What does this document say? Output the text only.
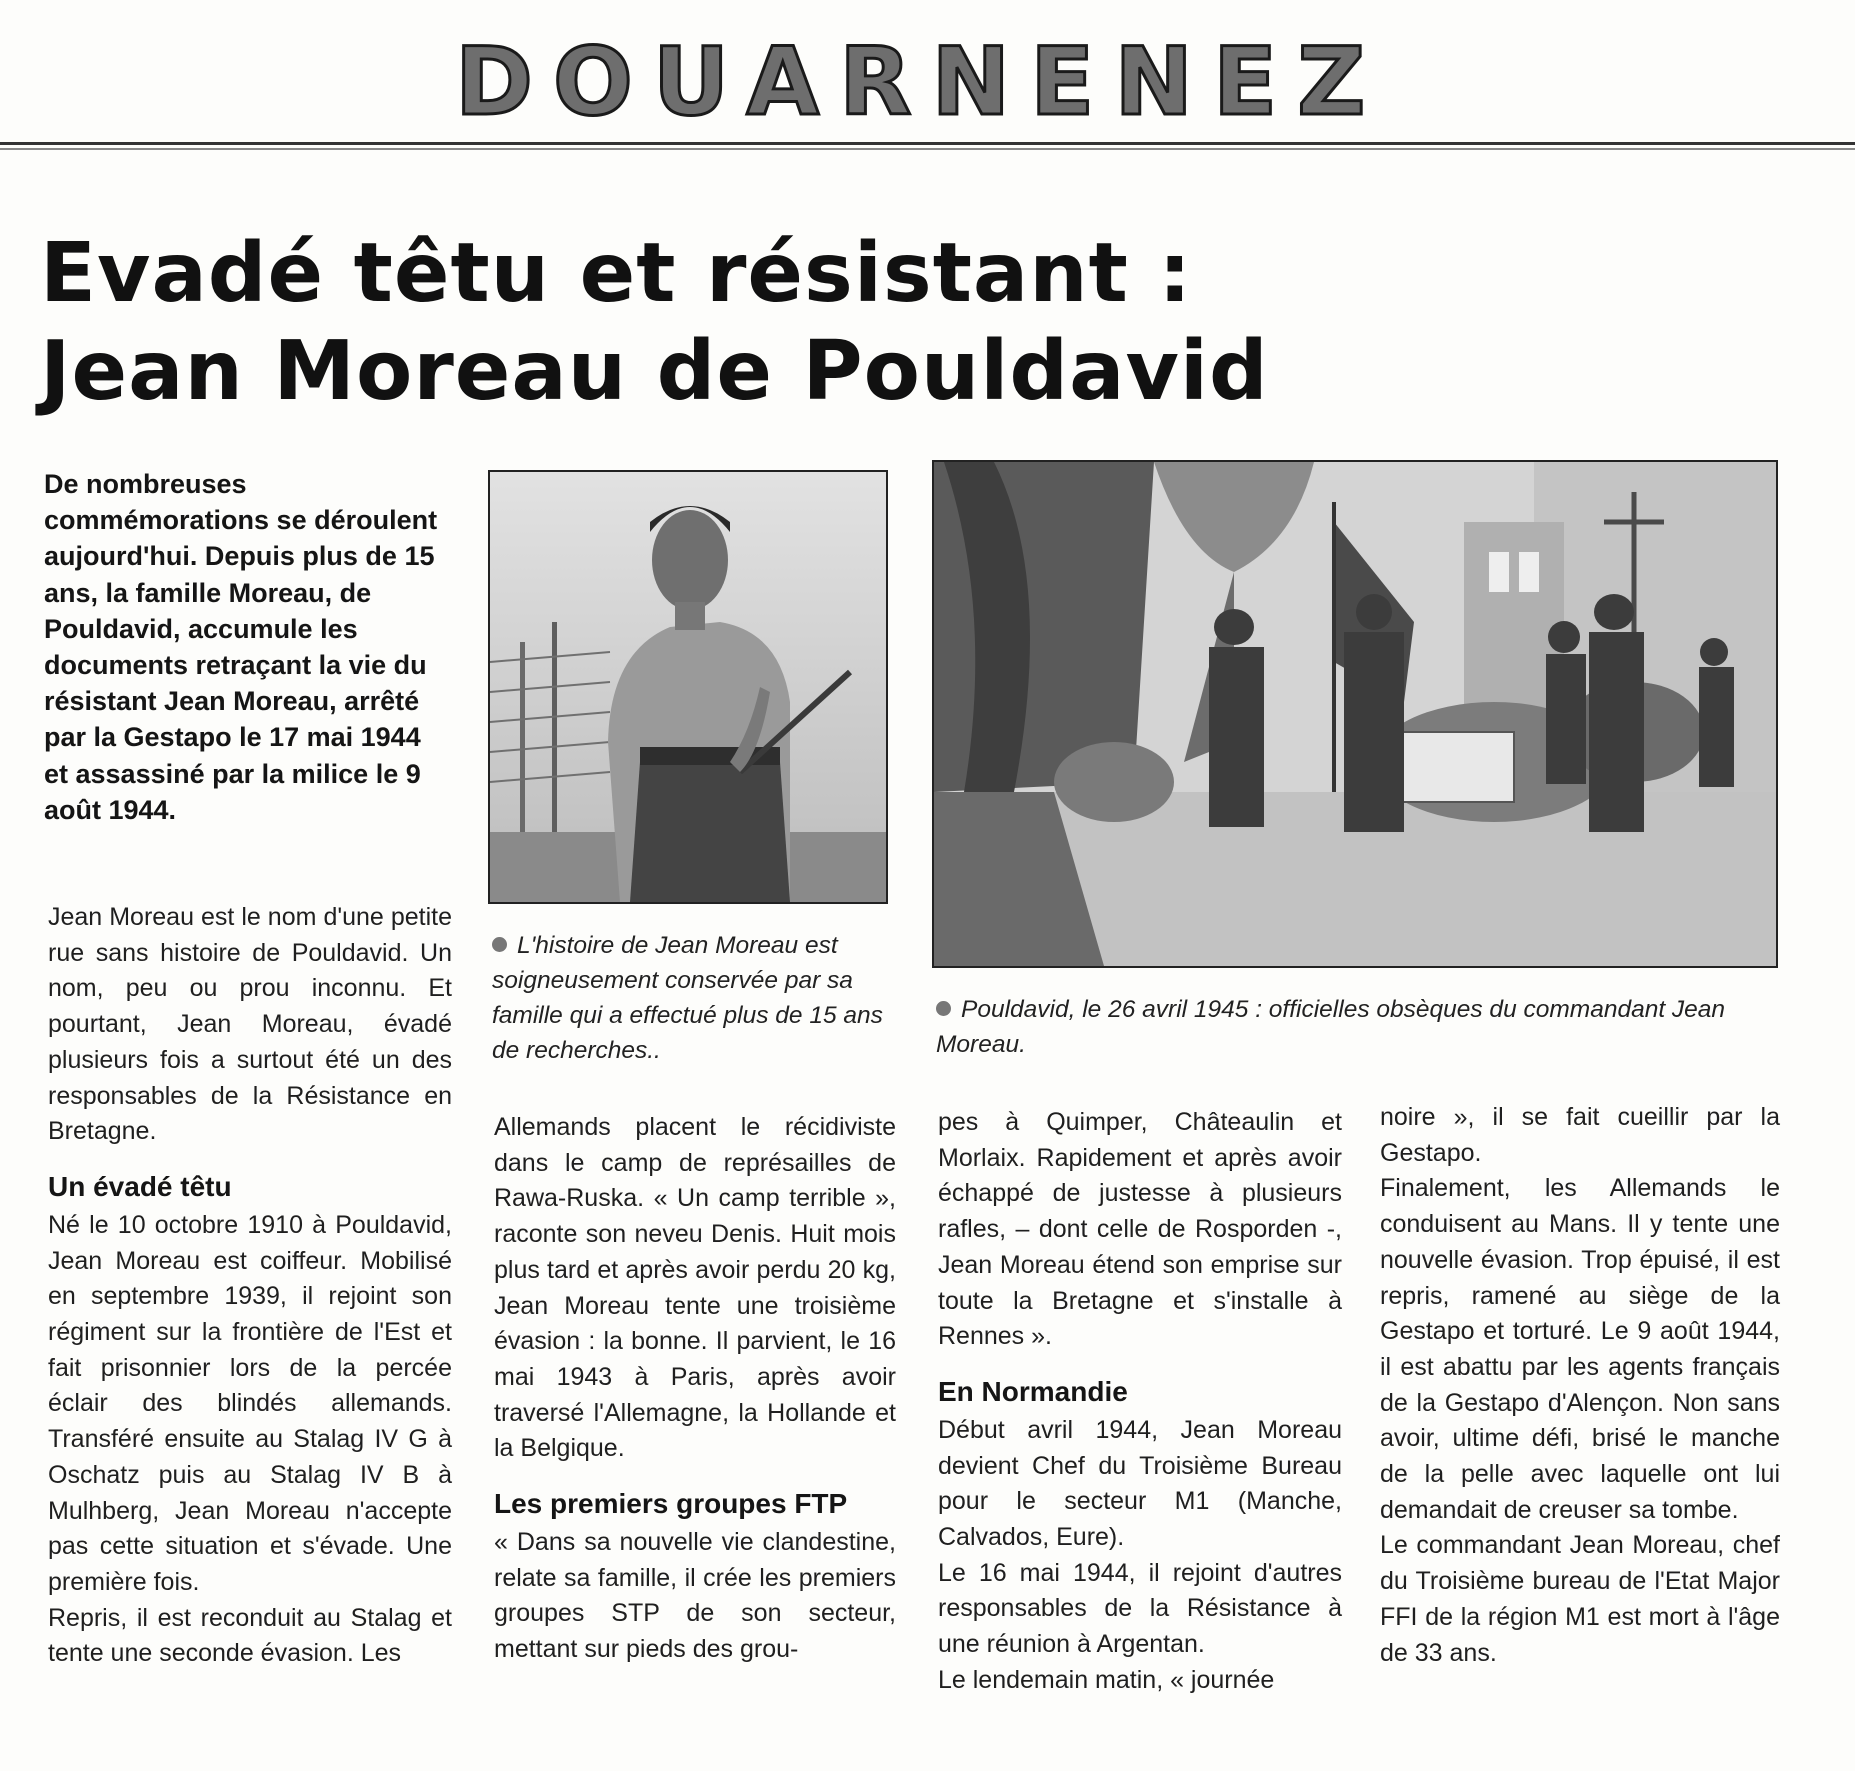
DOUARNENEZ
Evadé têtu et résistant :
Jean Moreau de Pouldavid

De nombreuses commémorations se déroulent aujourd'hui. Depuis plus de 15 ans, la famille Moreau, de Pouldavid, accumule les documents retraçant la vie du résistant Jean Moreau, arrêté par la Gestapo le 17 mai 1944 et assassiné par la milice le 9 août 1944.

L'histoire de Jean Moreau est soigneusement conservée par sa famille qui a effectué plus de 15 ans de recherches..
Pouldavid, le 26 avril 1945 : officielles obsèques du commandant Jean Moreau.

Jean Moreau est le nom d'une petite rue sans histoire de Pouldavid. Un nom, peu ou prou inconnu. Et pourtant, Jean Moreau, évadé plusieurs fois a surtout été un des responsables de la Résistance en Bretagne.

Un évadé têtu

Né le 10 octobre 1910 à Pouldavid, Jean Moreau est coiffeur. Mobilisé en septembre 1939, il rejoint son régiment sur la frontière de l'Est et fait prisonnier lors de la percée éclair des blindés allemands. Transféré ensuite au Stalag IV G à Oschatz puis au Stalag IV B à Mulhberg, Jean Moreau n'accepte pas cette situation et s'évade. Une première fois.

Repris, il est reconduit au Stalag et tente une seconde évasion. Les

Allemands placent le récidiviste dans le camp de représailles de Rawa-Ruska. « Un camp terrible », raconte son neveu Denis. Huit mois plus tard et après avoir perdu 20 kg, Jean Moreau tente une troisième évasion : la bonne. Il parvient, le 16 mai 1943 à Paris, après avoir traversé l'Allemagne, la Hollande et la Belgique.

Les premiers groupes FTP

« Dans sa nouvelle vie clandestine, relate sa famille, il crée les premiers groupes STP de son secteur, mettant sur pieds des grou-

pes à Quimper, Châteaulin et Morlaix. Rapidement et après avoir échappé de justesse à plusieurs rafles, – dont celle de Rosporden -, Jean Moreau étend son emprise sur toute la Bretagne et s'installe à Rennes ».

En Normandie

Début avril 1944, Jean Moreau devient Chef du Troisième Bureau pour le secteur M1 (Manche, Calvados, Eure).

Le 16 mai 1944, il rejoint d'autres responsables de la Résistance à une réunion à Argentan.

Le lendemain matin, « journée

noire », il se fait cueillir par la Gestapo.

Finalement, les Allemands le conduisent au Mans. Il y tente une nouvelle évasion. Trop épuisé, il est repris, ramené au siège de la Gestapo et torturé. Le 9 août 1944, il est abattu par les agents français de la Gestapo d'Alençon. Non sans avoir, ultime défi, brisé le manche de la pelle avec laquelle ont lui demandait de creuser sa tombe.

Le commandant Jean Moreau, chef du Troisième bureau de l'Etat Major FFI de la région M1 est mort à l'âge de 33 ans.
